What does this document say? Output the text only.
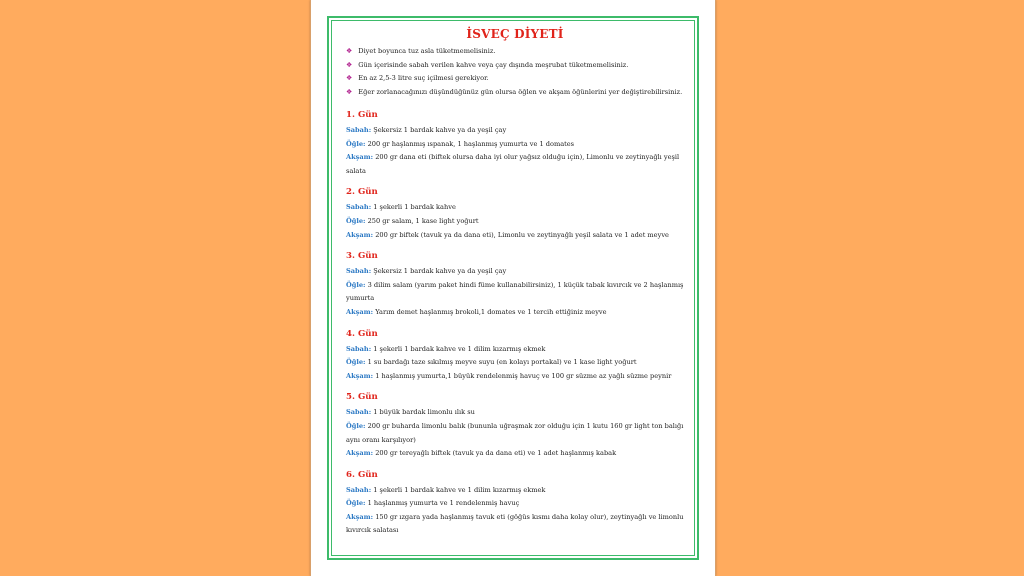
İSVEÇ DİYETİ
❖ Diyet boyunca tuz asla tüketmemelisiniz.
❖ Gün içerisinde sabah verilen kahve veya çay dışında meşrubat tüketmemelisiniz.
❖ En az 2,5-3 litre suç içilmesi gerekiyor.
❖ Eğer zorlanacağınızı düşündüğünüz gün olursa öğlen ve akşam öğünlerini yer değiştirebilirsiniz.
1. Gün
Sabah: Şekersiz 1 bardak kahve ya da yeşil çay
Öğle: 200 gr haşlanmış ıspanak, 1 haşlanmış yumurta ve 1 domates
Akşam: 200 gr dana eti (biftek olursa daha iyi olur yağsız olduğu için), Limonlu ve zeytinyağlı yeşil salata
2. Gün
Sabah: 1 şekerli 1 bardak kahve
Öğle: 250 gr salam, 1 kase light yoğurt
Akşam: 200 gr biftek (tavuk ya da dana eti), Limonlu ve zeytinyağlı yeşil salata ve 1 adet meyve
3. Gün
Sabah: Şekersiz 1 bardak kahve ya da yeşil çay
Öğle: 3 dilim salam (yarım paket hindi füme kullanabilirsiniz), 1 küçük tabak kıvırcık ve 2 haşlanmış yumurta
Akşam: Yarım demet haşlanmış brokoli,1 domates ve 1 tercih ettiğiniz meyve
4. Gün
Sabah: 1 şekerli 1 bardak kahve ve 1 dilim kızarmış ekmek
Öğle: 1 su bardağı taze sıkılmış meyve suyu (en kolayı portakal) ve 1 kase light yoğurt
Akşam: 1 haşlanmış yumurta,1 büyük rendelenmiş havuç ve 100 gr süzme az yağlı süzme peynir
5. Gün
Sabah: 1 büyük bardak limonlu ılık su
Öğle: 200 gr buharda limonlu balık (bununla uğraşmak zor olduğu için 1 kutu 160 gr light ton balığı aynı oranı karşılıyor)
Akşam: 200 gr tereyağlı biftek (tavuk ya da dana eti) ve 1 adet haşlanmış kabak
6. Gün
Sabah: 1 şekerli 1 bardak kahve ve 1 dilim kızarmış ekmek
Öğle: 1 haşlanmış yumurta ve 1 rendelenmiş havuç
Akşam: 150 gr ızgara yada haşlanmış tavuk eti (göğüs kısmı daha kolay olur), zeytinyağlı ve limonlu kıvırcık salatası
